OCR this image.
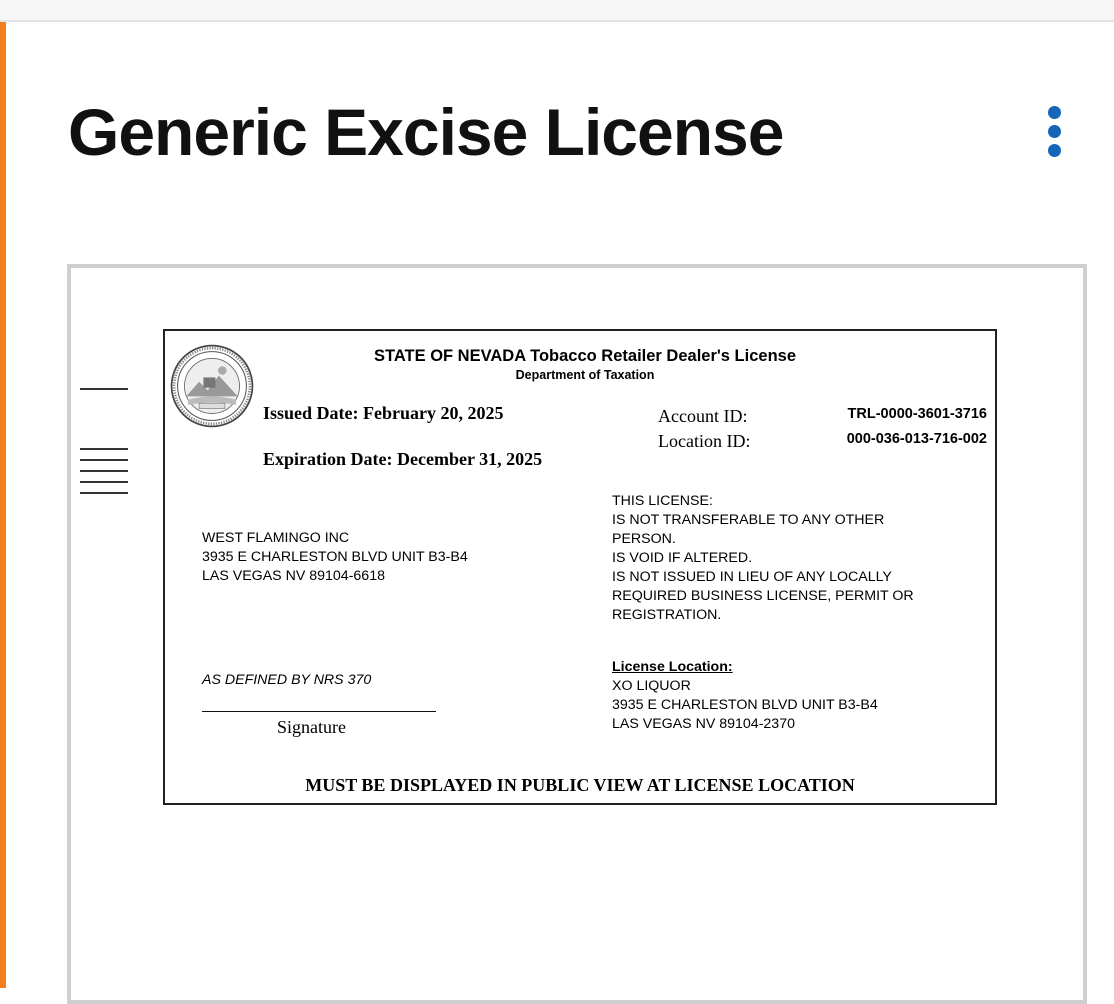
Generic Excise License
STATE OF NEVADA Tobacco Retailer Dealer's License
Department of Taxation
Issued Date: February 20, 2025
Expiration Date: December 31, 2025
Account ID:
Location ID:
TRL-0000-3601-3716
000-036-013-716-002
WEST FLAMINGO INC
3935 E CHARLESTON BLVD UNIT B3-B4
LAS VEGAS NV 89104-6618
THIS LICENSE:
IS NOT TRANSFERABLE TO ANY OTHER
PERSON.
IS VOID IF ALTERED.
IS NOT ISSUED IN LIEU OF ANY LOCALLY
REQUIRED BUSINESS LICENSE, PERMIT OR
REGISTRATION.
AS DEFINED BY NRS 370
Signature
License Location:
XO LIQUOR
3935 E CHARLESTON BLVD UNIT B3-B4
LAS VEGAS NV 89104-2370
MUST BE DISPLAYED IN PUBLIC VIEW AT LICENSE LOCATION
